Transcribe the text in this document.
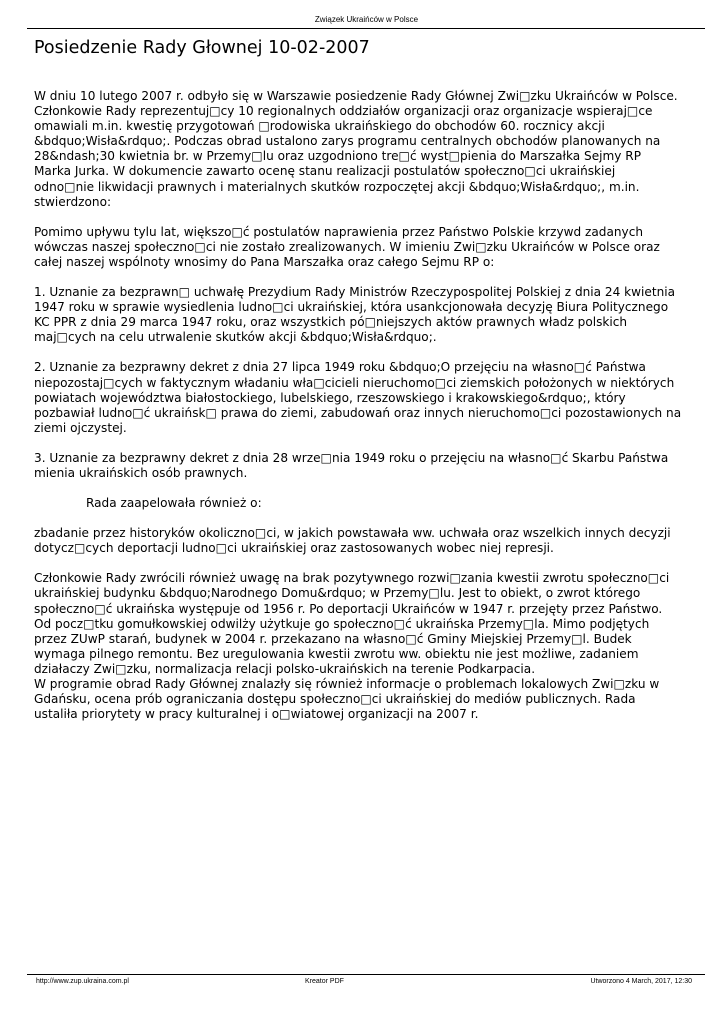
Związek Ukraińców w Polsce
Posiedzenie Rady Głownej 10-02-2007

W dniu 10 lutego 2007 r. odbyło się w Warszawie posiedzenie Rady Głównej Zwi□zku Ukraińców w Polsce.
Członkowie Rady reprezentuj□cy 10 regionalnych oddziałów organizacji oraz organizacje wspieraj□ce
omawiali m.in. kwestię przygotowań □rodowiska ukraińskiego do obchodów 60. rocznicy akcji
&bdquo;Wisła&rdquo;. Podczas obrad ustalono zarys programu centralnych obchodów planowanych na
28&ndash;30 kwietnia br. w Przemy□lu oraz uzgodniono tre□ć wyst□pienia do Marszałka Sejmy RP
Marka Jurka. W dokumencie zawarto ocenę stanu realizacji postulatów społeczno□ci ukraińskiej
odno□nie likwidacji prawnych i materialnych skutków rozpoczętej akcji &bdquo;Wisła&rdquo;, m.in.
stwierdzono:

Pomimo upływu tylu lat, większo□ć postulatów naprawienia przez Państwo Polskie krzywd zadanych
wówczas naszej społeczno□ci nie zostało zrealizowanych. W imieniu Zwi□zku Ukraińców w Polsce oraz
całej naszej wspólnoty wnosimy do Pana Marszałka oraz całego Sejmu RP o:

1. Uznanie za bezprawn□ uchwałę Prezydium Rady Ministrów Rzeczypospolitej Polskiej z dnia 24 kwietnia
1947 roku w sprawie wysiedlenia ludno□ci ukraińskiej, która usankcjonowała decyzję Biura Politycznego
KC PPR z dnia 29 marca 1947 roku, oraz wszystkich pó□niejszych aktów prawnych władz polskich
maj□cych na celu utrwalenie skutków akcji &bdquo;Wisła&rdquo;.

2. Uznanie za bezprawny dekret z dnia 27 lipca 1949 roku &bdquo;O przejęciu na własno□ć Państwa
niepozostaj□cych w faktycznym władaniu wła□cicieli nieruchomo□ci ziemskich położonych w niektórych
powiatach województwa białostockiego, lubelskiego, rzeszowskiego i krakowskiego&rdquo;, który
pozbawiał ludno□ć ukraińsk□ prawa do ziemi, zabudowań oraz innych nieruchomo□ci pozostawionych na
ziemi ojczystej.

3. Uznanie za bezprawny dekret z dnia 28 wrze□nia 1949 roku o przejęciu na własno□ć Skarbu Państwa
mienia ukraińskich osób prawnych.

Rada zaapelowała również o:

zbadanie przez historyków okoliczno□ci, w jakich powstawała ww. uchwała oraz wszelkich innych decyzji
dotycz□cych deportacji ludno□ci ukraińskiej oraz zastosowanych wobec niej represji.

Członkowie Rady zwrócili również uwagę na brak pozytywnego rozwi□zania kwestii zwrotu społeczno□ci
ukraińskiej budynku &bdquo;Narodnego Domu&rdquo; w Przemy□lu. Jest to obiekt, o zwrot którego
społeczno□ć ukraińska występuje od 1956 r. Po deportacji Ukraińców w 1947 r. przejęty przez Państwo.
Od pocz□tku gomułkowskiej odwilży użytkuje go społeczno□ć ukraińska Przemy□la. Mimo podjętych
przez ZUwP starań, budynek w 2004 r. przekazano na własno□ć Gminy Miejskiej Przemy□l. Budek
wymaga pilnego remontu. Bez uregulowania kwestii zwrotu ww. obiektu nie jest możliwe, zadaniem
działaczy Zwi□zku, normalizacja relacji polsko-ukraińskich na terenie Podkarpacia.

W programie obrad Rady Głównej znalazły się również informacje o problemach lokalowych Zwi□zku w
Gdańsku, ocena prób ograniczania dostępu społeczno□ci ukraińskiej do mediów publicznych. Rada
ustaliła priorytety w pracy kulturalnej i o□wiatowej organizacji na 2007 r.

http://www.zup.ukraina.com.pl	Kreator PDF	Utworzono 4 March, 2017, 12:30
